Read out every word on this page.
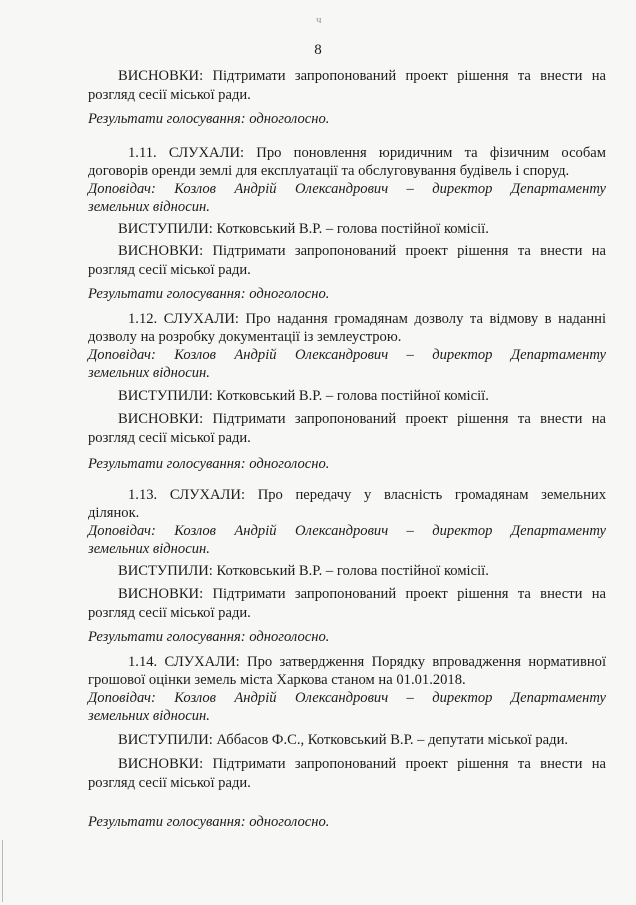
ч
8
ВИСНОВКИ: Підтримати запропонований проект рішення та внести на
розгляд сесії міської ради.
Результати голосування: одноголосно.
1.11. СЛУХАЛИ: Про поновлення юридичним та фізичним особам
договорів оренди землі для експлуатації та обслуговування будівель і споруд.
Доповідач: Козлов Андрій Олександрович – директор Департаменту
земельних відносин.
ВИСТУПИЛИ: Котковський В.Р. – голова постійної комісії.
ВИСНОВКИ: Підтримати запропонований проект рішення та внести на
розгляд сесії міської ради.
Результати голосування: одноголосно.
1.12. СЛУХАЛИ: Про надання громадянам дозволу та відмову в наданні
дозволу на розробку документації із землеустрою.
Доповідач: Козлов Андрій Олександрович – директор Департаменту
земельних відносин.
ВИСТУПИЛИ: Котковський В.Р. – голова постійної комісії.
ВИСНОВКИ: Підтримати запропонований проект рішення та внести на
розгляд сесії міської ради.
Результати голосування: одноголосно.
1.13. СЛУХАЛИ: Про передачу у власність громадянам земельних
ділянок.
Доповідач: Козлов Андрій Олександрович – директор Департаменту
земельних відносин.
ВИСТУПИЛИ: Котковський В.Р. – голова постійної комісії.
ВИСНОВКИ: Підтримати запропонований проект рішення та внести на
розгляд сесії міської ради.
Результати голосування: одноголосно.
1.14. СЛУХАЛИ: Про затвердження Порядку впровадження нормативної
грошової оцінки земель міста Харкова станом на 01.01.2018.
Доповідач: Козлов Андрій Олександрович – директор Департаменту
земельних відносин.
ВИСТУПИЛИ: Аббасов Ф.С., Котковський В.Р. – депутати міської ради.
ВИСНОВКИ: Підтримати запропонований проект рішення та внести на
розгляд сесії міської ради.
Результати голосування: одноголосно.
